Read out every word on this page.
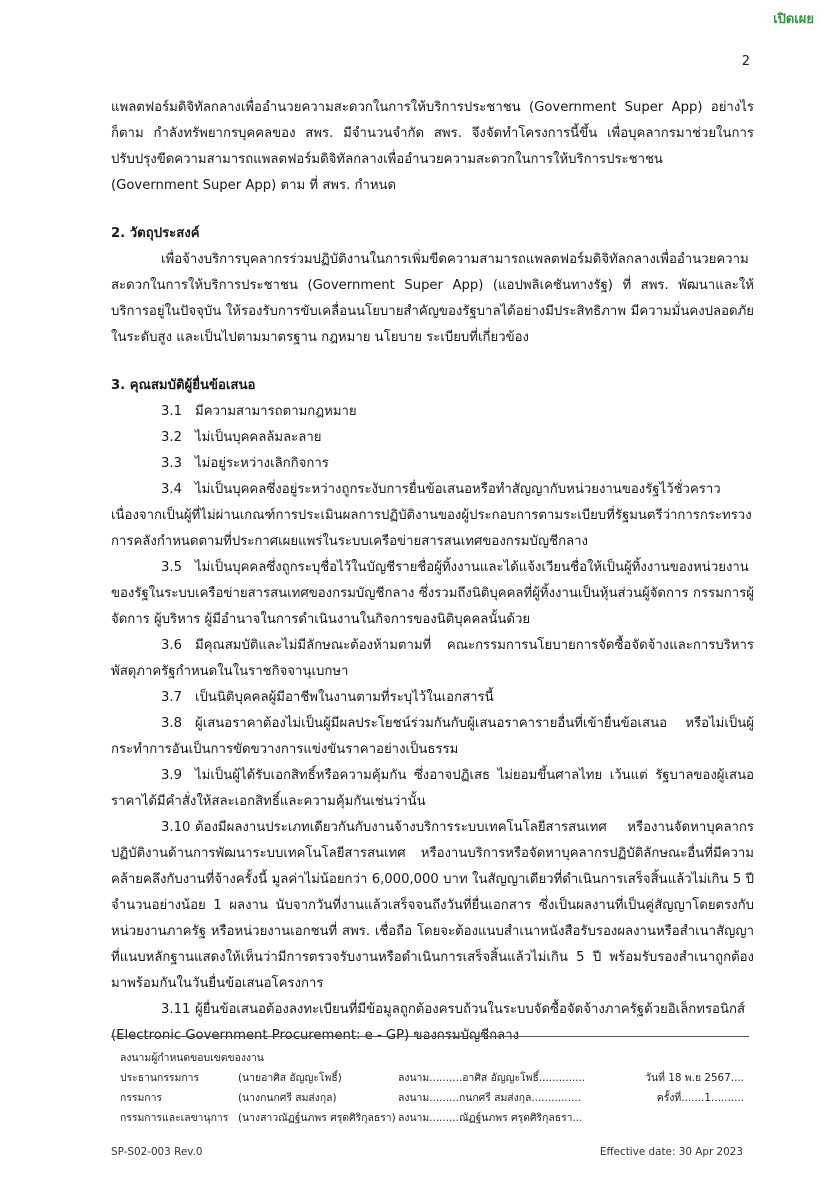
เปิดเผย
2

แพลตฟอร์มดิจิทัลกลางเพื่ออำนวยความสะดวกในการให้บริการประชาชน (Government Super App) อย่างไรก็ตาม กำลังทรัพยากรบุคคลของ สพร. มีจำนวนจำกัด สพร. จึงจัดทำโครงการนี้ขึ้น เพื่อบุคลากรมาช่วยในการปรับปรุงขีดความสามารถแพลตฟอร์มดิจิทัลกลางเพื่ออำนวยความสะดวกในการให้บริการประชาชน (Government Super App) ตาม ที่ สพร. กำหนด

2. วัตถุประสงค์

เพื่อจ้างบริการบุคลากรร่วมปฏิบัติงานในการเพิ่มขีดความสามารถแพลตฟอร์มดิจิทัลกลางเพื่ออำนวยความสะดวกในการให้บริการประชาชน (Government Super App) (แอปพลิเคชันทางรัฐ) ที่ สพร. พัฒนาและให้บริการอยู่ในปัจจุบัน ให้รองรับการขับเคลื่อนนโยบายสำคัญของรัฐบาลได้อย่างมีประสิทธิภาพ มีความมั่นคงปลอดภัยในระดับสูง และเป็นไปตามมาตรฐาน กฎหมาย นโยบาย ระเบียบที่เกี่ยวข้อง

3. คุณสมบัติผู้ยื่นข้อเสนอ

3.1 มีความสามารถตามกฎหมาย

3.2 ไม่เป็นบุคคลล้มละลาย

3.3 ไม่อยู่ระหว่างเลิกกิจการ

3.4 ไม่เป็นบุคคลซึ่งอยู่ระหว่างถูกระงับการยื่นข้อเสนอหรือทำสัญญากับหน่วยงานของรัฐไว้ชั่วคราว เนื่องจากเป็นผู้ที่ไม่ผ่านเกณฑ์การประเมินผลการปฏิบัติงานของผู้ประกอบการตามระเบียบที่รัฐมนตรีว่าการกระทรวงการคลังกำหนดตามที่ประกาศเผยแพร่ในระบบเครือข่ายสารสนเทศของกรมบัญชีกลาง

3.5 ไม่เป็นบุคคลซึ่งถูกระบุชื่อไว้ในบัญชีรายชื่อผู้ทิ้งงานและได้แจ้งเวียนชื่อให้เป็นผู้ทิ้งงานของหน่วยงานของรัฐในระบบเครือข่ายสารสนเทศของกรมบัญชีกลาง ซึ่งรวมถึงนิติบุคคลที่ผู้ทิ้งงานเป็นหุ้นส่วนผู้จัดการ กรรมการผู้จัดการ ผู้บริหาร ผู้มีอำนาจในการดำเนินงานในกิจการของนิติบุคคลนั้นด้วย

3.6 มีคุณสมบัติและไม่มีลักษณะต้องห้ามตามที่ คณะกรรมการนโยบายการจัดซื้อจัดจ้างและการบริหารพัสดุภาครัฐกำหนดในในราชกิจจานุเบกษา

3.7 เป็นนิติบุคคลผู้มีอาชีพในงานตามที่ระบุไว้ในเอกสารนี้

3.8 ผู้เสนอราคาต้องไม่เป็นผู้มีผลประโยชน์ร่วมกันกับผู้เสนอราคารายอื่นที่เข้ายื่นข้อเสนอ หรือไม่เป็นผู้กระทำการอันเป็นการขัดขวางการแข่งขันราคาอย่างเป็นธรรม

3.9 ไม่เป็นผู้ได้รับเอกสิทธิ์หรือความคุ้มกัน ซึ่งอาจปฏิเสธ ไม่ยอมขึ้นศาลไทย เว้นแต่ รัฐบาลของผู้เสนอราคาได้มีคำสั่งให้สละเอกสิทธิ์และความคุ้มกันเช่นว่านั้น

3.10 ต้องมีผลงานประเภทเดียวกันกับงานจ้างบริการระบบเทคโนโลยีสารสนเทศ หรืองานจัดหาบุคลากรปฏิบัติงานด้านการพัฒนาระบบเทคโนโลยีสารสนเทศ หรืองานบริการหรือจัดหาบุคลากรปฏิบัติลักษณะอื่นที่มีความคล้ายคลึงกับงานที่จ้างครั้งนี้ มูลค่าไม่น้อยกว่า 6,000,000 บาท ในสัญญาเดียวที่ดำเนินการเสร็จสิ้นแล้วไม่เกิน 5 ปี จำนวนอย่างน้อย 1 ผลงาน นับจากวันที่งานแล้วเสร็จจนถึงวันที่ยื่นเอกสาร ซึ่งเป็นผลงานที่เป็นคู่สัญญาโดยตรงกับหน่วยงานภาครัฐ หรือหน่วยงานเอกชนที่ สพร. เชื่อถือ โดยจะต้องแนบสำเนาหนังสือรับรองผลงานหรือสำเนาสัญญาที่แนบหลักฐานแสดงให้เห็นว่ามีการตรวจรับงานหรือดำเนินการเสร็จสิ้นแล้วไม่เกิน 5 ปี พร้อมรับรองสำเนาถูกต้องมาพร้อมกันในวันยื่นข้อเสนอโครงการ

3.11 ผู้ยื่นข้อเสนอต้องลงทะเบียนที่มีข้อมูลถูกต้องครบถ้วนในระบบจัดซื้อจัดจ้างภาครัฐด้วยอิเล็กทรอนิกส์ (Electronic Government Procurement: e - GP) ของกรมบัญชีกลาง

ลงนามผู้กำหนดขอบเขตของงาน
ประธานกรรมการ	(นายอาศิส อัญญะโพธิ์)	ลงนาม..........อาศิส อัญญะโพธิ์..............	วันที่ 18 พ.ย 2567....
กรรมการ	(นางกนกศรี สมส่งกุล)	ลงนาม.........กนกศรี สมส่งกุล...............	ครั้งที่.......1..........
กรรมการและเลขานุการ (นางสาวณัฏฐ์นภพร ศรุตศิริกุลธรา) ลงนาม.........ณัฏฐ์นภพร ศรุตศิริกุลธรา...
SP-S02-003 Rev.0	Effective date: 30 Apr 2023
